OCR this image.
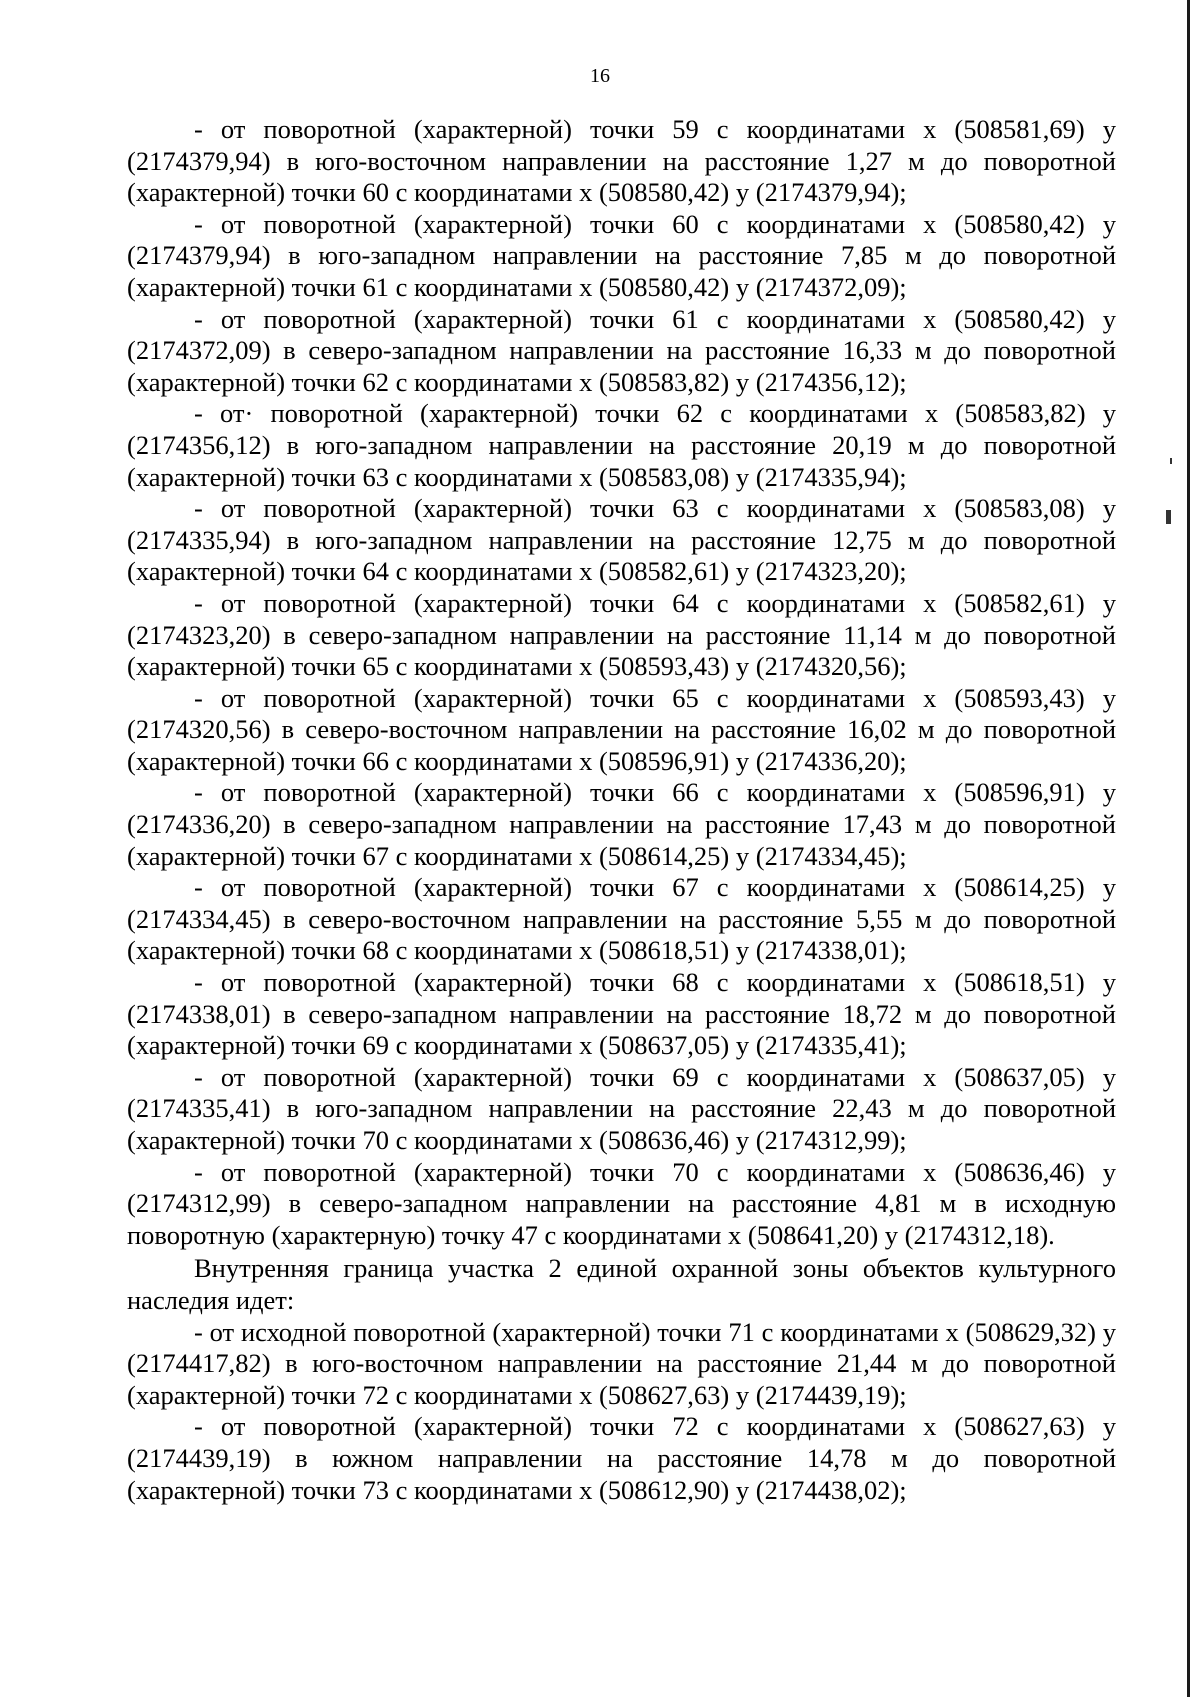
16

- от поворотной (характерной) точки 59 с координатами х (508581,69) у (2174379,94) в юго-восточном направлении на расстояние 1,27 м до поворотной (характерной) точки 60 с координатами х (508580,42) у (2174379,94);

- от поворотной (характерной) точки 60 с координатами х (508580,42) у (2174379,94) в юго-западном направлении на расстояние 7,85 м до поворотной (характерной) точки 61 с координатами х (508580,42) у (2174372,09);

- от поворотной (характерной) точки 61 с координатами х (508580,42) у (2174372,09) в северо-западном направлении на расстояние 16,33 м до поворотной (характерной) точки 62 с координатами х (508583,82) у (2174356,12);

- от· поворотной (характерной) точки 62 с координатами х (508583,82) у (2174356,12) в юго-западном направлении на расстояние 20,19 м до поворотной (характерной) точки 63 с координатами х (508583,08) у (2174335,94);

- от поворотной (характерной) точки 63 с координатами х (508583,08) у (2174335,94) в юго-западном направлении на расстояние 12,75 м до поворотной (характерной) точки 64 с координатами х (508582,61) у (2174323,20);

- от поворотной (характерной) точки 64 с координатами х (508582,61) у (2174323,20) в северо-западном направлении на расстояние 11,14 м до поворотной (характерной) точки 65 с координатами х (508593,43) у (2174320,56);

- от поворотной (характерной) точки 65 с координатами х (508593,43) у (2174320,56) в северо-восточном направлении на расстояние 16,02 м до поворотной (характерной) точки 66 с координатами х (508596,91) у (2174336,20);

- от поворотной (характерной) точки 66 с координатами х (508596,91) у (2174336,20) в северо-западном направлении на расстояние 17,43 м до поворотной (характерной) точки 67 с координатами х (508614,25) у (2174334,45);

- от поворотной (характерной) точки 67 с координатами х (508614,25) у (2174334,45) в северо-восточном направлении на расстояние 5,55 м до поворотной (характерной) точки 68 с координатами х (508618,51) у (2174338,01);

- от поворотной (характерной) точки 68 с координатами х (508618,51) у (2174338,01) в северо-западном направлении на расстояние 18,72 м до поворотной (характерной) точки 69 с координатами х (508637,05) у (2174335,41);

- от поворотной (характерной) точки 69 с координатами х (508637,05) у (2174335,41) в юго-западном направлении на расстояние 22,43 м до поворотной (характерной) точки 70 с координатами х (508636,46) у (2174312,99);

- от поворотной (характерной) точки 70 с координатами х (508636,46) у (2174312,99) в северо-западном направлении на расстояние 4,81 м в исходную поворотную (характерную) точку 47 с координатами х (508641,20) у (2174312,18).

Внутренняя граница участка 2 единой охранной зоны объектов культурного наследия идет:

- от исходной поворотной (характерной) точки 71 с координатами х (508629,32) у (2174417,82) в юго-восточном направлении на расстояние 21,44 м до поворотной (характерной) точки 72 с координатами х (508627,63) у (2174439,19);

- от поворотной (характерной) точки 72 с координатами х (508627,63) у (2174439,19) в южном направлении на расстояние 14,78 м до поворотной (характерной) точки 73 с координатами х (508612,90) у (2174438,02);
